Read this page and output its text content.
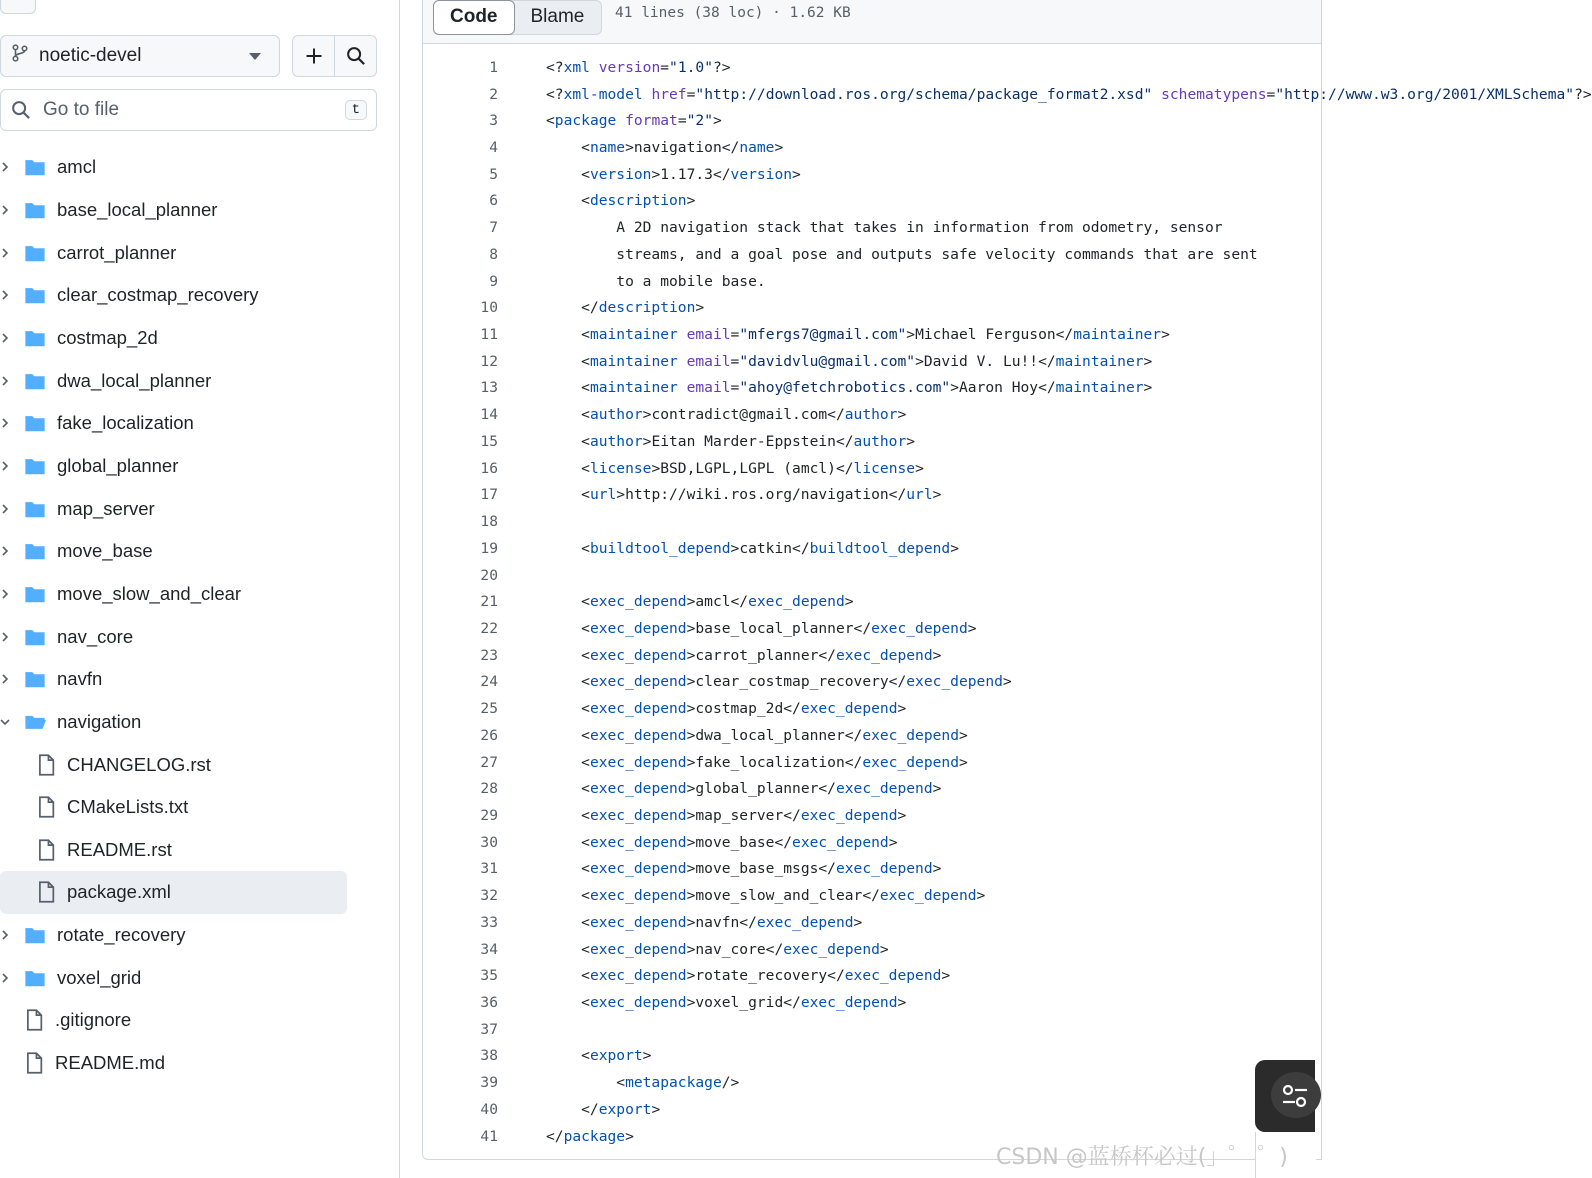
noetic-devel
Go to file	t
amcl
base_local_planner
carrot_planner
clear_costmap_recovery
costmap_2d
dwa_local_planner
fake_localization
global_planner
map_server
move_base
move_slow_and_clear
nav_core
navfn
navigation
CHANGELOG.rst
CMakeLists.txt
README.rst
package.xml
rotate_recovery
voxel_grid
.gitignore
README.md
Code	Blame	41 lines (38 loc) · 1.62 KB
1	<?xml version="1.0"?>
2	<?xml-model href="http://download.ros.org/schema/package_format2.xsd" schematypens="http://www.w3.org/2001/XMLSchema"?>
3	<package format="2">
4	<name>navigation</name>
5	<version>1.17.3</version>
6	<description>
7	A 2D navigation stack that takes in information from odometry, sensor
8	streams, and a goal pose and outputs safe velocity commands that are sent
9	to a mobile base.
10	</description>
11	<maintainer email="mfergs7@gmail.com">Michael Ferguson</maintainer>
12	<maintainer email="davidvlu@gmail.com">David V. Lu!!</maintainer>
13	<maintainer email="ahoy@fetchrobotics.com">Aaron Hoy</maintainer>
14	<author>contradict@gmail.com</author>
15	<author>Eitan Marder-Eppstein</author>
16	<license>BSD,LGPL,LGPL (amcl)</license>
17	<url>http://wiki.ros.org/navigation</url>
18
19	<buildtool_depend>catkin</buildtool_depend>
20
21	<exec_depend>amcl</exec_depend>
22	<exec_depend>base_local_planner</exec_depend>
23	<exec_depend>carrot_planner</exec_depend>
24	<exec_depend>clear_costmap_recovery</exec_depend>
25	<exec_depend>costmap_2d</exec_depend>
26	<exec_depend>dwa_local_planner</exec_depend>
27	<exec_depend>fake_localization</exec_depend>
28	<exec_depend>global_planner</exec_depend>
29	<exec_depend>map_server</exec_depend>
30	<exec_depend>move_base</exec_depend>
31	<exec_depend>move_base_msgs</exec_depend>
32	<exec_depend>move_slow_and_clear</exec_depend>
33	<exec_depend>navfn</exec_depend>
34	<exec_depend>nav_core</exec_depend>
35	<exec_depend>rotate_recovery</exec_depend>
36	<exec_depend>voxel_grid</exec_depend>
37
38	<export>
39	<metapackage/>
40	</export>
41	</package>
CSDN @蓝桥杯必过(」゜ ゜)
